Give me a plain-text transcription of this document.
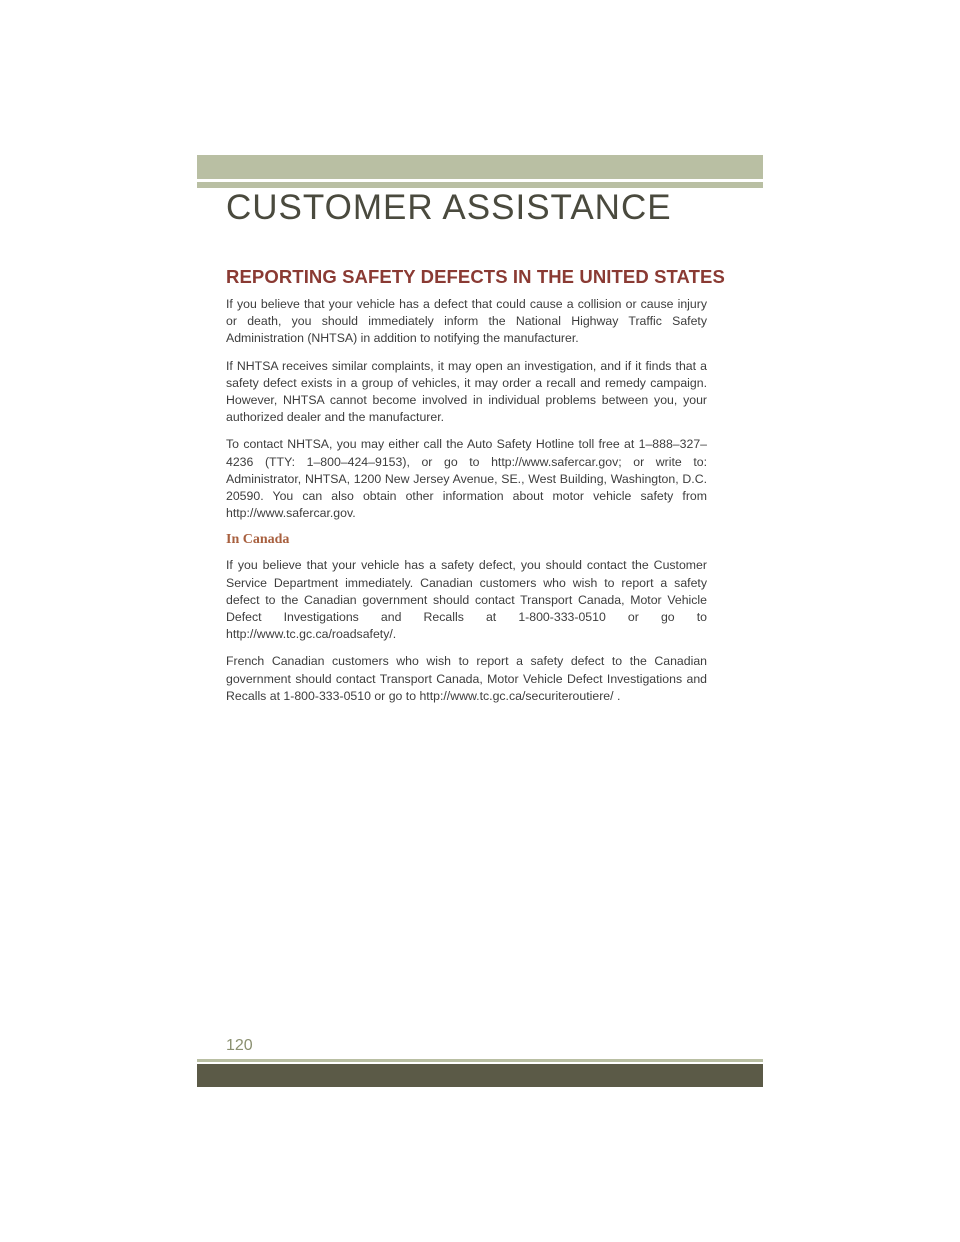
CUSTOMER ASSISTANCE
REPORTING SAFETY DEFECTS IN THE UNITED STATES

If you believe that your vehicle has a defect that could cause a collision or cause injury or death, you should immediately inform the National Highway Traffic Safety Administration (NHTSA) in addition to notifying the manufacturer.

If NHTSA receives similar complaints, it may open an investigation, and if it finds that a safety defect exists in a group of vehicles, it may order a recall and remedy campaign. However, NHTSA cannot become involved in individual problems between you, your authorized dealer and the manufacturer.

To contact NHTSA, you may either call the Auto Safety Hotline toll free at 1–888–327–4236 (TTY: 1–800–424–9153), or go to http://www.safercar.gov; or write to: Administrator, NHTSA, 1200 New Jersey Avenue, SE., West Building, Washington, D.C. 20590. You can also obtain other information about motor vehicle safety from http://www.safercar.gov.

In Canada

If you believe that your vehicle has a safety defect, you should contact the Customer Service Department immediately. Canadian customers who wish to report a safety defect to the Canadian government should contact Transport Canada, Motor Vehicle Defect Investigations and Recalls at 1-800-333-0510 or go to http://www.tc.gc.ca/roadsafety/.

French Canadian customers who wish to report a safety defect to the Canadian government should contact Transport Canada, Motor Vehicle Defect Investigations and Recalls at 1-800-333-0510 or go to http://www.tc.gc.ca/securiteroutiere/ .

120
